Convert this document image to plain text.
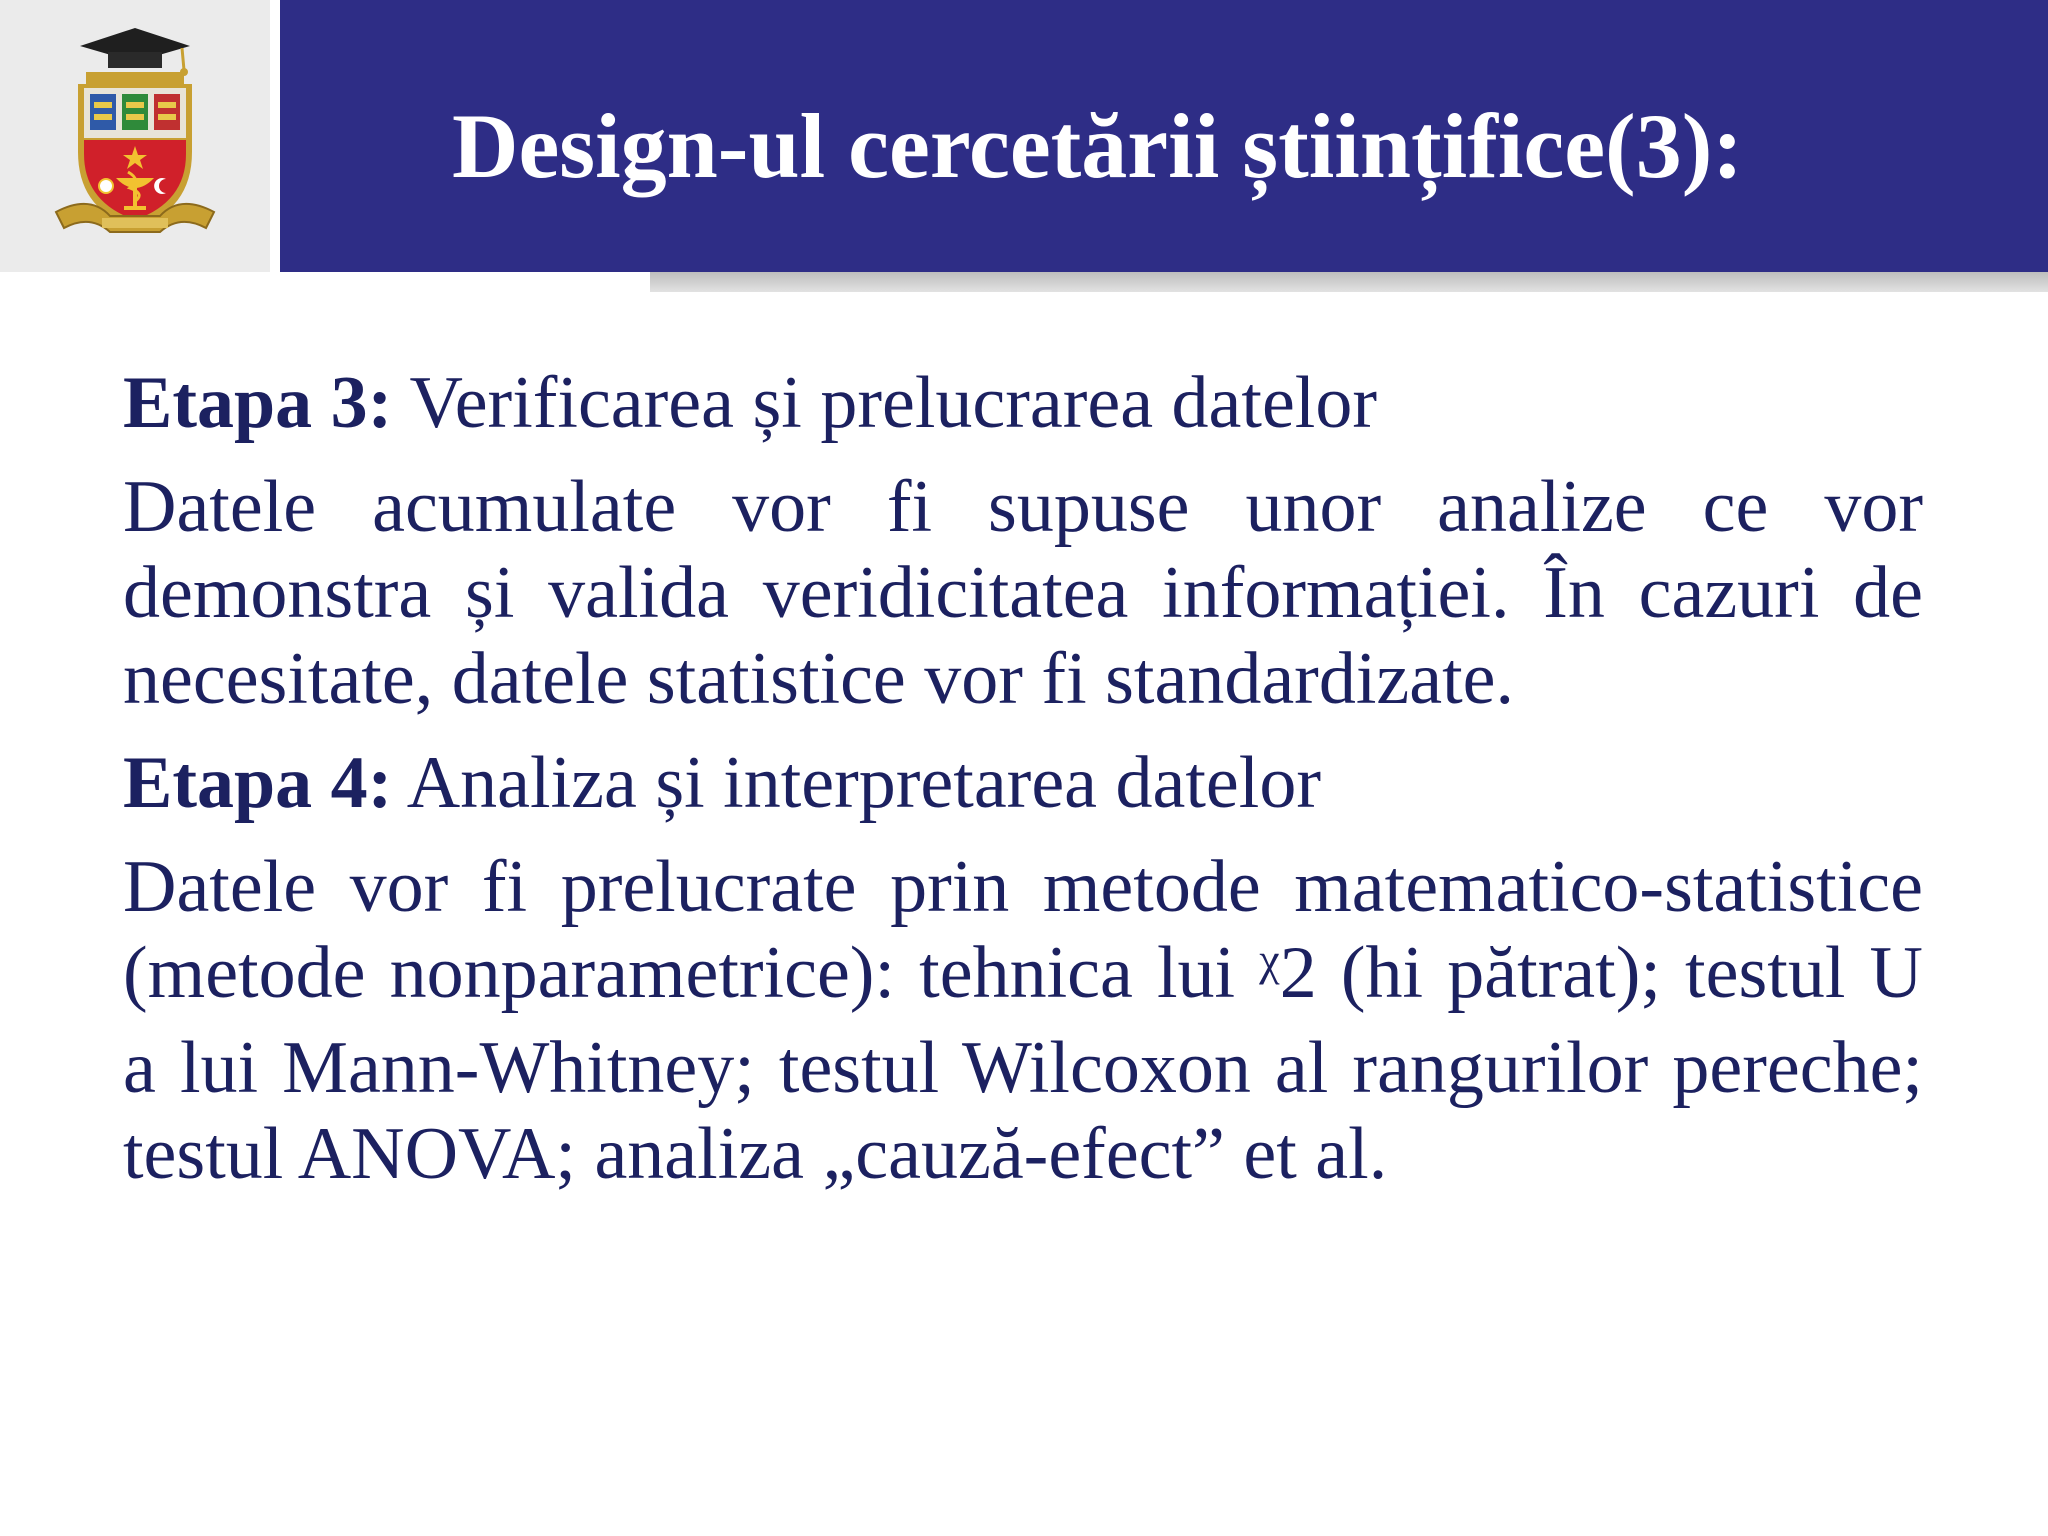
Design-ul cercetării științifice(3):

Etapa 3: Verificarea și prelucrarea datelor

Datele acumulate vor fi supuse unor analize ce vor demonstra și valida veridicitatea informației. În cazuri de necesitate, datele statistice vor fi standardizate.

Etapa 4: Analiza și interpretarea datelor

Datele vor fi prelucrate prin metode matematico-statistice (metode nonparametrice): tehnica lui $^\chi$2 (hi pătrat); testul U a lui Mann-Whitney; testul Wilcoxon al rangurilor pereche; testul ANOVA; analiza „cauză-efect” et al.
